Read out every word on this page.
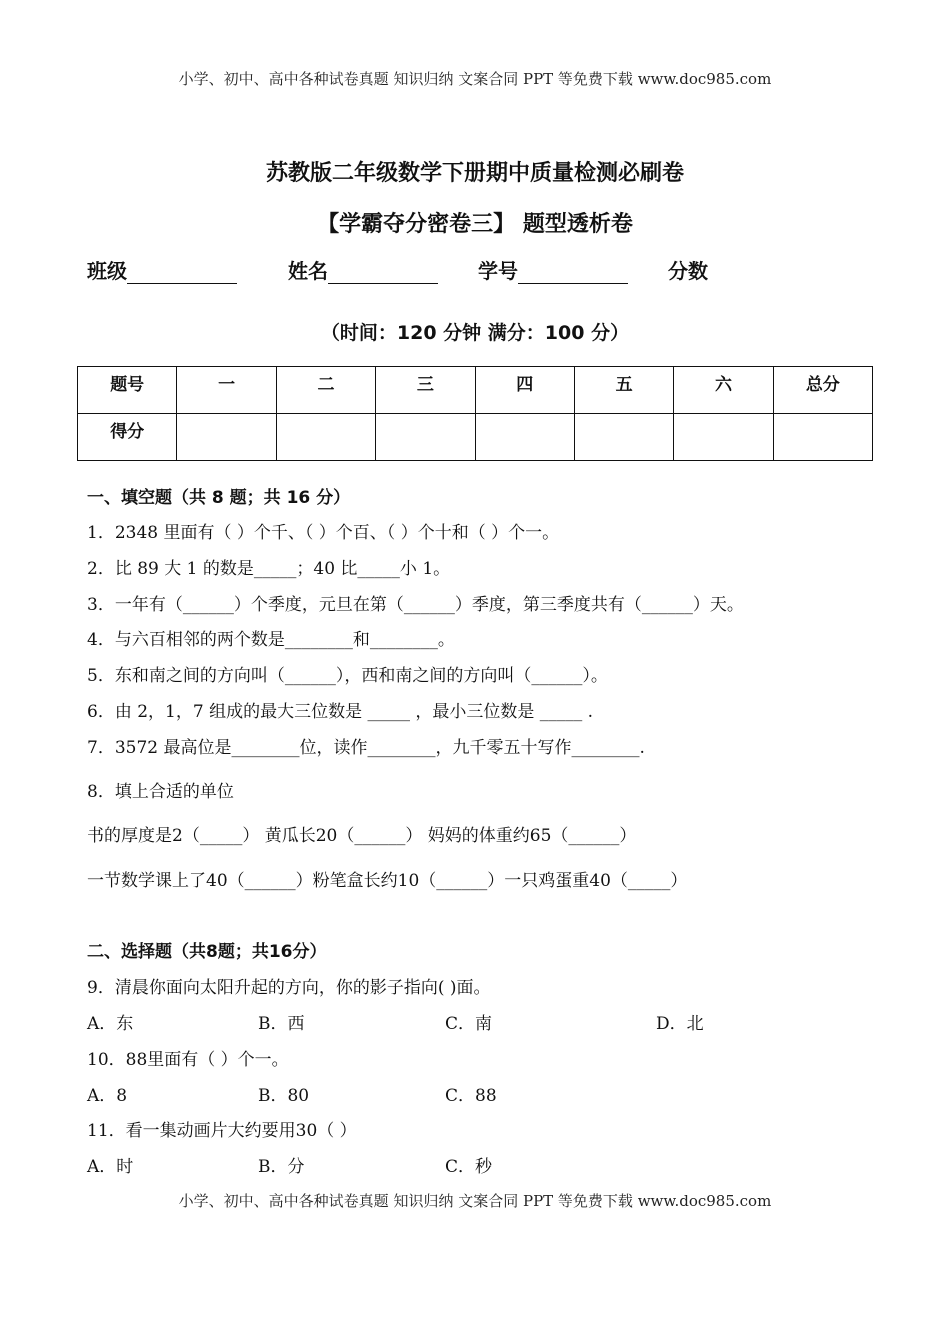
小学、初中、高中各种试卷真题 知识归纳 文案合同 PPT 等免费下载 www.doc985.com
苏教版二年级数学下册期中质量检测必刷卷
【学霸夺分密卷三】 题型透析卷
班级	姓名	学号	分数
（时间：120 分钟 满分：100 分）
题号	一	二	三	四	五	六	总分
得分							
一、填空题（共 8 题；共 16 分）
1．2348 里面有（ ）个千、（ ）个百、（ ）个十和（ ）个一。
2．比 89 大 1 的数是_____；40 比_____小 1。
3．一年有（______）个季度，元旦在第（______）季度，第三季度共有（______）天。
4．与六百相邻的两个数是________和________。
5．东和南之间的方向叫（______），西和南之间的方向叫（______）。
6．由 2，1，7 组成的最大三位数是 _____ ，最小三位数是 _____ .
7．3572 最高位是________位，读作________，九千零五十写作________.
8．填上合适的单位
书的厚度是2（_____） 黄瓜长20（______） 妈妈的体重约65（______）
一节数学课上了40（______）粉笔盒长约10（______）一只鸡蛋重40（_____）
二、选择题（共8题；共16分）
9．清晨你面向太阳升起的方向，你的影子指向( )面。
A．东	B．西	C．南	D．北
10．88里面有（ ）个一。
A．8	B．80	C．88
11．看一集动画片大约要用30（ ）
A．时	B．分	C．秒
小学、初中、高中各种试卷真题 知识归纳 文案合同 PPT 等免费下载 www.doc985.com
